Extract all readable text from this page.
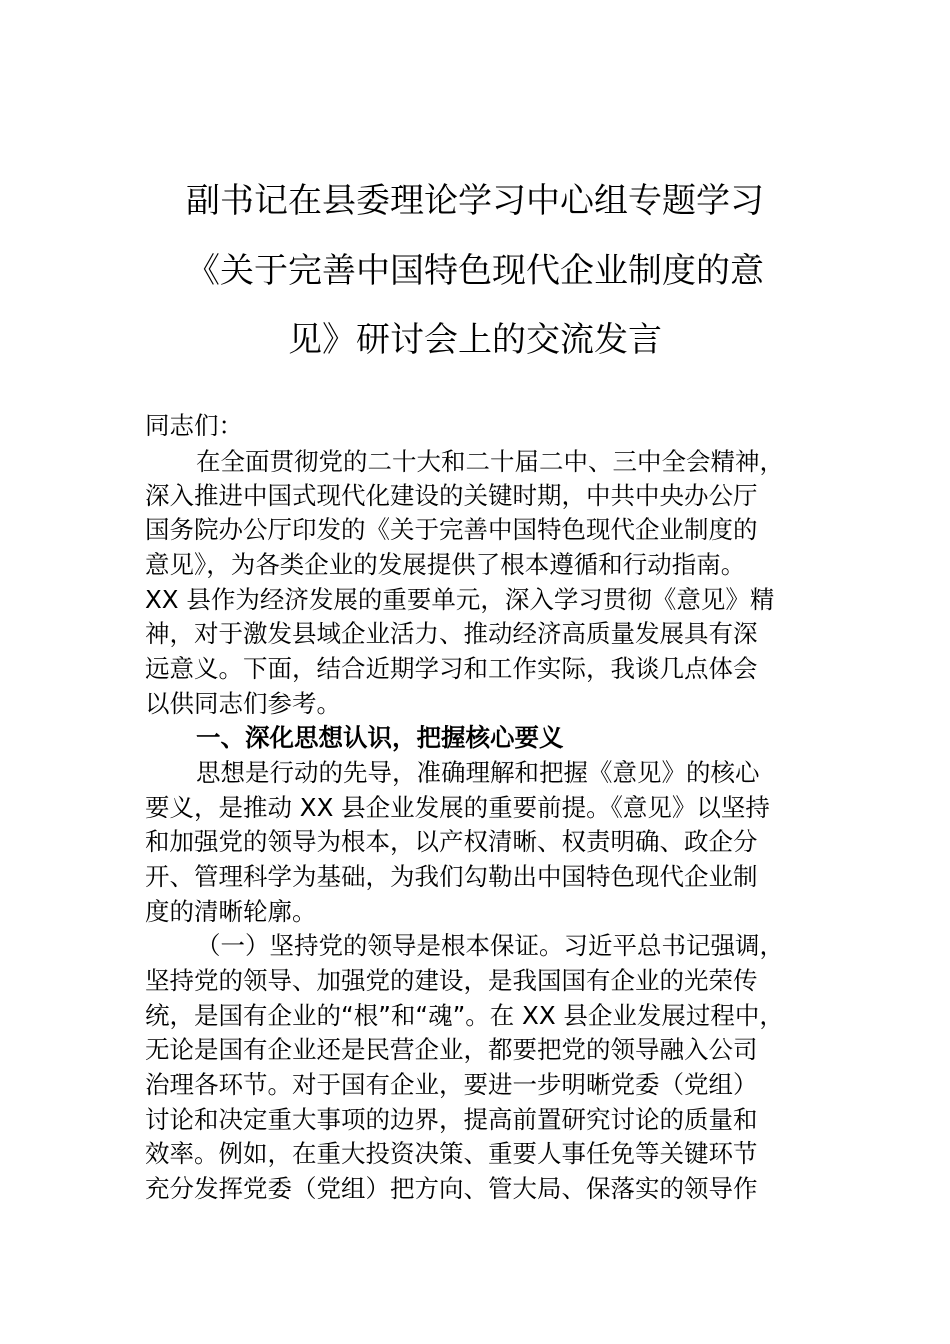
副书记在县委理论学习中心组专题学习
《关于完善中国特色现代企业制度的意
见》研讨会上的交流发言
同志们：
在全面贯彻党的二十大和二十届二中、三中全会精神，
深入推进中国式现代化建设的关键时期，中共中央办公厅
国务院办公厅印发的《关于完善中国特色现代企业制度的
意见》，为各类企业的发展提供了根本遵循和行动指南。
XX 县作为经济发展的重要单元，深入学习贯彻《意见》精
神，对于激发县域企业活力、推动经济高质量发展具有深
远意义。下面，结合近期学习和工作实际，我谈几点体会
以供同志们参考。
一、深化思想认识，把握核心要义
思想是行动的先导，准确理解和把握《意见》的核心
要义，是推动 XX 县企业发展的重要前提。《意见》以坚持
和加强党的领导为根本，以产权清晰、权责明确、政企分
开、管理科学为基础，为我们勾勒出中国特色现代企业制
度的清晰轮廓。
（一）坚持党的领导是根本保证。习近平总书记强调，
坚持党的领导、加强党的建设，是我国国有企业的光荣传
统，是国有企业的“根”和“魂”。在 XX 县企业发展过程中，
无论是国有企业还是民营企业，都要把党的领导融入公司
治理各环节。对于国有企业，要进一步明晰党委（党组）
讨论和决定重大事项的边界，提高前置研究讨论的质量和
效率。例如，在重大投资决策、重要人事任免等关键环节
充分发挥党委（党组）把方向、管大局、保落实的领导作
